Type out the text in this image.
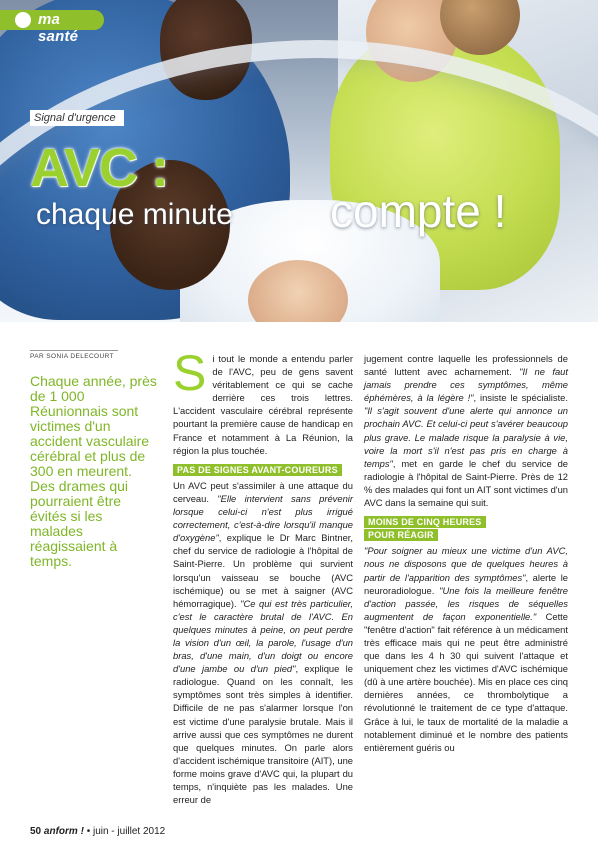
ma santé
Signal d'urgence
AVC :
chaque minute compte !
PAR SONIA DELECOURT
Chaque année, près de 1 000 Réunionnais sont victimes d'un accident vasculaire cérébral et plus de 300 en meurent. Des drames qui pourraient être évités si les malades réagissaient à temps.

Si tout le monde a entendu parler de l'AVC, peu de gens savent véritablement ce qui se cache derrière ces trois lettres. L'accident vasculaire cérébral représente pourtant la première cause de handicap en France et notamment à La Réunion, la région la plus touchée.

PAS DE SIGNES AVANT-COUREURS

Un AVC peut s'assimiler à une attaque du cerveau. "Elle intervient sans prévenir lorsque celui-ci n'est plus irrigué correctement, c'est-à-dire lorsqu'il manque d'oxygène", explique le Dr Marc Bintner, chef du service de radiologie à l'hôpital de Saint-Pierre. Un problème qui survient lorsqu'un vaisseau se bouche (AVC ischémique) ou se met à saigner (AVC hémorragique). "Ce qui est très particulier, c'est le caractère brutal de l'AVC. En quelques minutes à peine, on peut perdre la vision d'un œil, la parole, l'usage d'un bras, d'une main, d'un doigt ou encore d'une jambe ou d'un pied", explique le radiologue. Quand on les connaît, les symptômes sont très simples à identifier. Difficile de ne pas s'alarmer lorsque l'on est victime d'une paralysie brutale. Mais il arrive aussi que ces symptômes ne durent que quelques minutes. On parle alors d'accident ischémique transitoire (AIT), une forme moins grave d'AVC qui, la plupart du temps, n'inquiète pas les malades. Une erreur de

jugement contre laquelle les professionnels de santé luttent avec acharnement. "Il ne faut jamais prendre ces symptômes, même éphémères, à la légère !", insiste le spécialiste. "Il s'agit souvent d'une alerte qui annonce un prochain AVC. Et celui-ci peut s'avérer beaucoup plus grave. Le malade risque la paralysie à vie, voire la mort s'il n'est pas pris en charge à temps", met en garde le chef du service de radiologie à l'hôpital de Saint-Pierre. Près de 12 % des malades qui font un AIT sont victimes d'un AVC dans la semaine qui suit.

MOINS DE CINQ HEURES
POUR RÉAGIR

"Pour soigner au mieux une victime d'un AVC, nous ne disposons que de quelques heures à partir de l'apparition des symptômes", alerte le neuroradiologue. "Une fois la meilleure fenêtre d'action passée, les risques de séquelles augmentent de façon exponentielle." Cette "fenêtre d'action" fait référence à un médicament très efficace mais qui ne peut être administré que dans les 4 h 30 qui suivent l'attaque et uniquement chez les victimes d'AVC ischémique (dû à une artère bouchée). Mis en place ces cinq dernières années, ce thrombolytique a révolutionné le traitement de ce type d'attaque. Grâce à lui, le taux de mortalité de la maladie a notablement diminué et le nombre des patients entièrement guéris ou

50 anform ! • juin - juillet 2012
